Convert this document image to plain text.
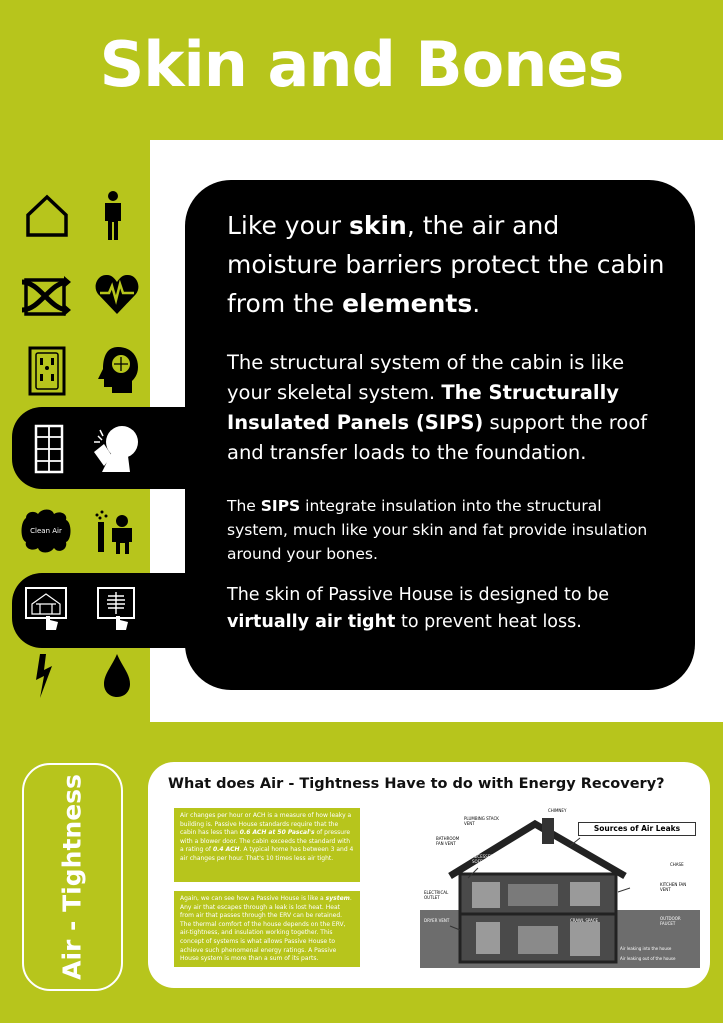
Skin and Bones
Clean Air
Like your skin, the air and moisture barriers protect the cabin from the elements.
The structural system of the cabin is like your skeletal system. The Structurally Insulated Panels (SIPS) support the roof and transfer loads to the foundation.
The SIPS integrate insulation into the structural system, much like your skin and fat provide insulation around your bones.
The skin of Passive House is designed to be virtually air tight to prevent heat loss.
Air - Tightness	What does Air - Tightness Have to do with Energy Recovery?
Air changes per hour or ACH is a measure of how leaky a building is. Passive House standards require that the cabin has less than 0.6 ACH at 50 Pascal's of pressure with a blower door. The cabin exceeds the standard with a rating of 0.4 ACH. A typical home has between 3 and 4 air changes per hour. That's 10 times less air tight.
Again, we can see how a Passive House is like a system. Any air that escapes through a leak is lost heat. Heat from air that passes through the ERV can be retained. The thermal comfort of the house depends on the ERV, air-tightness, and insulation working together. This concept of systems is what allows Passive House to achieve such phenomenal energy ratings. A Passive House system is more than a sum of its parts.
Sources of Air Leaks
CHIMNEY
PLUMBING STACK VENT
BATHROOM FAN VENT
ATTIC HATCH
RECESSED & SOFFIT	RECESSED LIGHTS	CHASE
KITCHEN FAN VENT
ELECTRICAL OUTLET
DRYER VENT	CRAWL SPACE	OUTDOOR FAUCET
Air leaking into the house
Air leaking out of the house
